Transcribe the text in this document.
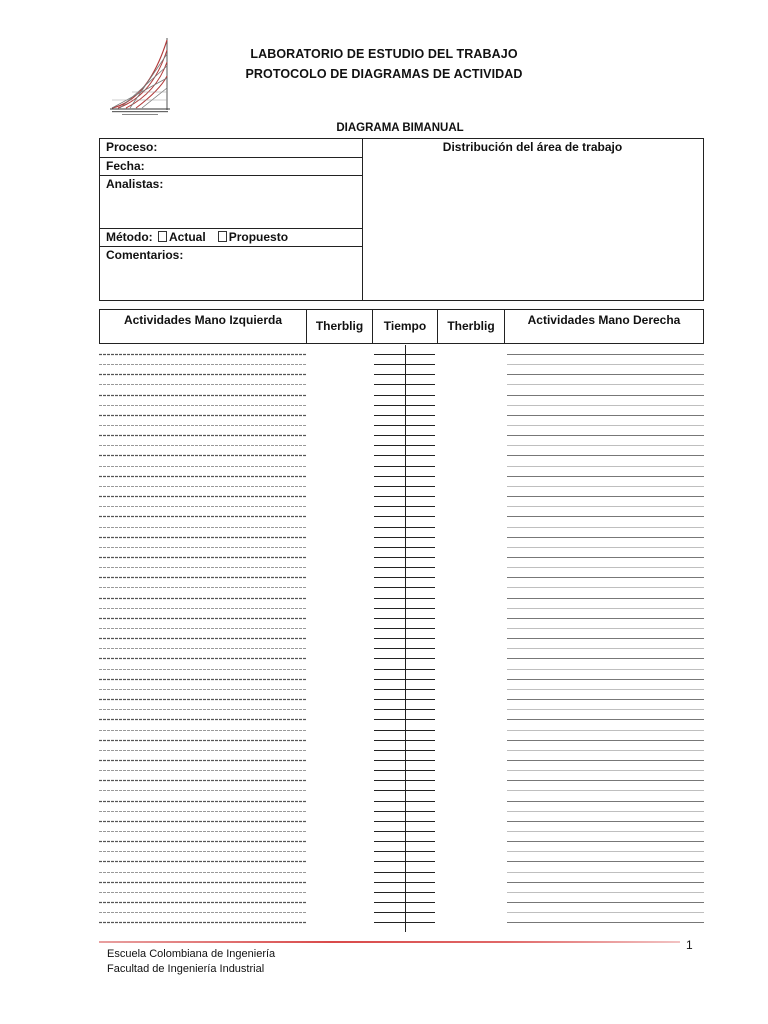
LABORATORIO DE ESTUDIO DEL TRABAJO
PROTOCOLO DE DIAGRAMAS DE ACTIVIDAD
DIAGRAMA BIMANUAL
Proceso:
Fecha:
Analistas:
Método: Actual Propuesto
Comentarios:
Distribución del área de trabajo
Actividades Mano Izquierda	Therblig	Tiempo	Therblig	Actividades Mano Derecha
1
Escuela Colombiana de Ingeniería
Facultad de Ingeniería Industrial
